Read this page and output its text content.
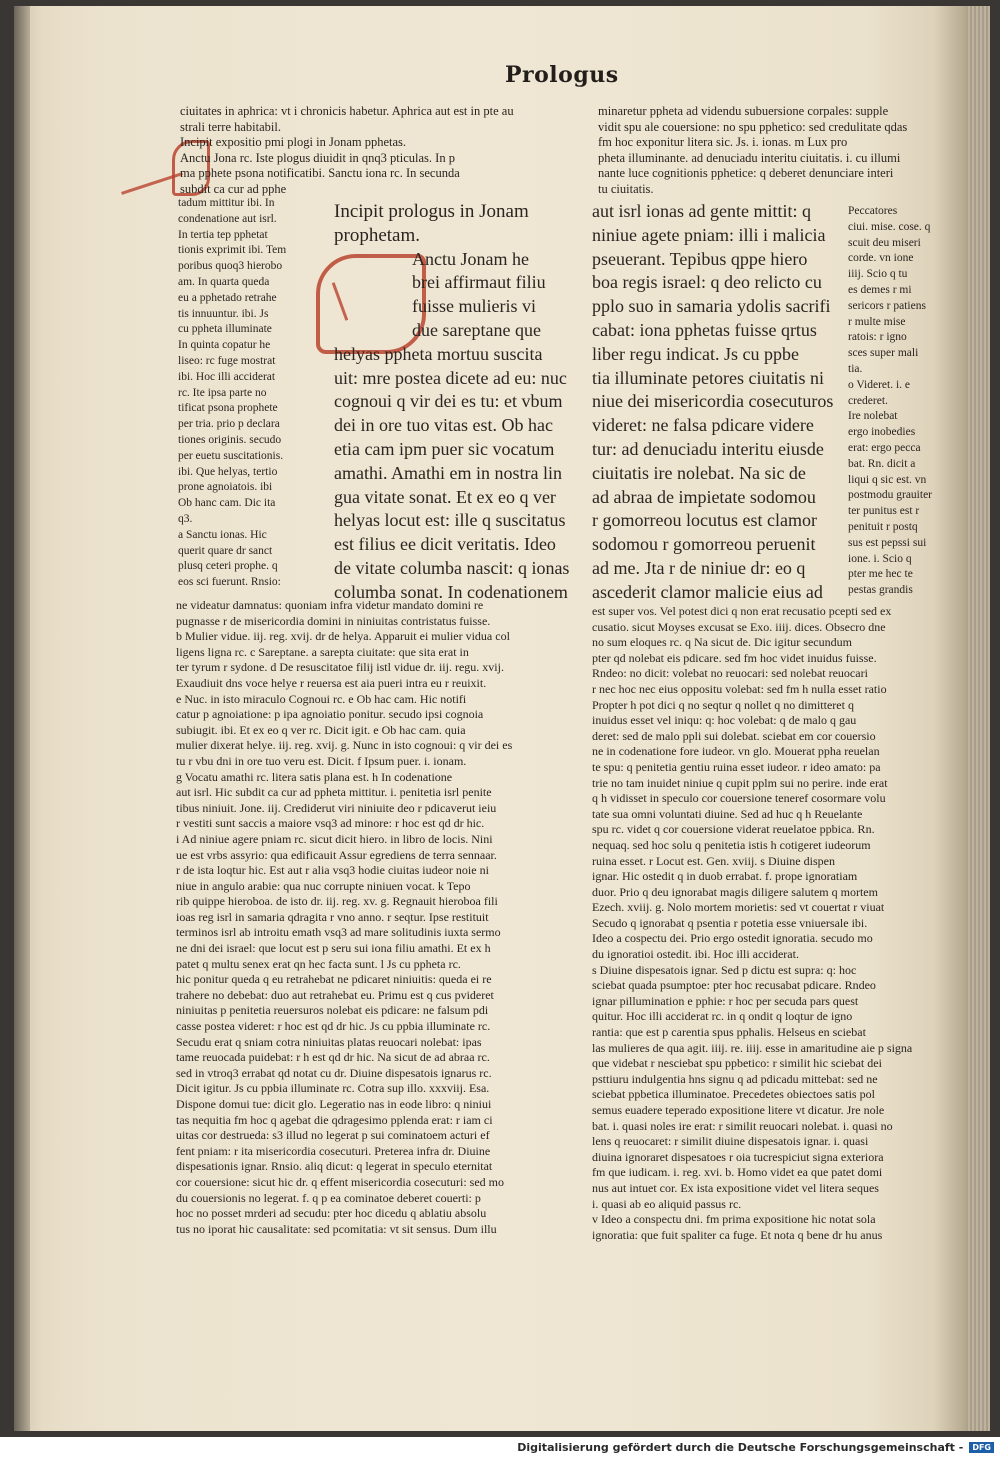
Prologus
ciuitates in aphrica: vt i chronicis habetur. Aphrica aut est in pte au
strali terre habitabil.
Incipit expositio pmi plogi in Jonam pphetas.
Anctu Jona rc. Iste plogus diuidit in qnq3 pticulas. In p
ma pphete psona notificatibi. Sanctu iona rc. In secunda
subdit ca cur ad pphe
minaretur ppheta ad videndu subuersione corpales: supple
vidit spu ale couersione: no spu pphetico: sed credulitate qdas
fm hoc exponitur litera sic. Js. i. ionas. m Lux pro
pheta illuminante. ad denuciadu interitu ciuitatis. i. cu illumi
nante luce cognitionis pphetice: q deberet denunciare interi
tu ciuitatis.
tadum mittitur ibi. In
condenatione aut isrl.
In tertia tep pphetat
tionis exprimit ibi. Tem
poribus quoq3 hierobo
am. In quarta queda
eu a pphetado retrahe
tis innuuntur. ibi. Js
cu ppheta illuminate
In quinta copatur he
liseo: rc fuge mostrat
ibi. Hoc illi acciderat
rc. Ite ipsa parte no
tificat psona prophete
per tria. prio p declara
tiones originis. secudo
per euetu suscitationis.
ibi. Que helyas, tertio
prone agnoiatois. ibi
Ob hanc cam. Dic ita
q3.
a Sanctu ionas. Hic
querit quare dr sanct
plusq ceteri prophe. q
eos sci fuerunt. Rnsio:
Incipit prologus in Jonam
prophetam.
Anctu Jonam he
brei affirmaut filiu
fuisse mulieris vi
due sareptane que
helyas ppheta mortuu suscita
uit: mre postea dicete ad eu: nuc
cognoui q vir dei es tu: et vbum
dei in ore tuo vitas est. Ob hac
etia cam ipm puer sic vocatum
amathi. Amathi em in nostra lin
gua vitate sonat. Et ex eo q ver
helyas locut est: ille q suscitatus
est filius ee dicit veritatis. Ideo
de vitate columba nascit: q ionas
columba sonat. In codenationem
aut isrl ionas ad gente mittit: q
niniue agete pniam: illi i malicia
pseuerant. Tepibus qppe hiero
boa regis israel: q deo relicto cu
pplo suo in samaria ydolis sacrifi
cabat: iona pphetas fuisse qrtus
liber regu indicat. Js cu ppbe
tia illuminate petores ciuitatis ni
niue dei misericordia cosecuturos
videret: ne falsa pdicare videre
tur: ad denuciadu interitu eiusde
ciuitatis ire nolebat. Na sic de
ad abraa de impietate sodomou
r gomorreou locutus est clamor
sodomou r gomorreou peruenit
ad me. Jta r de niniue dr: eo q
ascederit clamor malicie eius ad
Peccatores
ciui. mise. cose. q
scuit deu miseri
corde. vn ione
iiij. Scio q tu
es demes r mi
sericors r patiens
r multe mise
ratois: r igno
sces super mali
tia.
o Videret. i. e
crederet.
Ire nolebat
ergo inobedies
erat: ergo pecca
bat. Rn. dicit a
liqui q sic est. vn
postmodu grauiter
ter punitus est r
penituit r postq
sus est pepssi sui
ione. i. Scio q
pter me hec te
pestas grandis
ne videatur damnatus: quoniam infra videtur mandato domini re
pugnasse r de misericordia domini in niniuitas contristatus fuisse.
b Mulier vidue. iij. reg. xvij. dr de helya. Apparuit ei mulier vidua col
ligens ligna rc. c Sareptane. a sarepta ciuitate: que sita erat in
ter tyrum r sydone. d De resuscitatoe filij istl vidue dr. iij. regu. xvij.
Exaudiuit dns voce helye r reuersa est aia pueri intra eu r reuixit.
e Nuc. in isto miraculo Cognoui rc. e Ob hac cam. Hic notifi
catur p agnoiatione: p ipa agnoiatio ponitur. secudo ipsi cognoia
subiugit. ibi. Et ex eo q ver rc. Dicit igit. e Ob hac cam. quia
mulier dixerat helye. iij. reg. xvij. g. Nunc in isto cognoui: q vir dei es
tu r vbu dni in ore tuo veru est. Dicit. f Ipsum puer. i. ionam.
g Vocatu amathi rc. litera satis plana est. h In codenatione
aut isrl. Hic subdit ca cur ad ppheta mittitur. i. penitetia isrl penite
tibus niniuit. Jone. iij. Crediderut viri niniuite deo r pdicaverut ieiu
r vestiti sunt saccis a maiore vsq3 ad minore: r hoc est qd dr hic.
i Ad niniue agere pniam rc. sicut dicit hiero. in libro de locis. Nini
ue est vrbs assyrio: qua edificauit Assur egrediens de terra sennaar.
r de ista loqtur hic. Est aut r alia vsq3 hodie ciuitas iudeor noie ni
niue in angulo arabie: qua nuc corrupte niniuen vocat. k Tepo
rib quippe hieroboa. de isto dr. iij. reg. xv. g. Regnauit hieroboa fili
ioas reg isrl in samaria qdragita r vno anno. r seqtur. Ipse restituit
terminos isrl ab introitu emath vsq3 ad mare solitudinis iuxta sermo
ne dni dei israel: que locut est p seru sui iona filiu amathi. Et ex h
patet q multu senex erat qn hec facta sunt. l Js cu ppheta rc.
hic ponitur queda q eu retrahebat ne pdicaret niniuitis: queda ei re
trahere no debebat: duo aut retrahebat eu. Primu est q cus pvideret
niniuitas p penitetia reuersuros nolebat eis pdicare: ne falsum pdi
casse postea videret: r hoc est qd dr hic. Js cu ppbia illuminate rc.
Secudu erat q sniam cotra niniuitas platas reuocari nolebat: ipas
tame reuocada puidebat: r h est qd dr hic. Na sicut de ad abraa rc.
sed in vtroq3 errabat qd notat cu dr. Diuine dispesatois ignarus rc.
Dicit igitur. Js cu ppbia illuminate rc. Cotra sup illo. xxxviij. Esa.
Dispone domui tue: dicit glo. Legeratio nas in eode libro: q niniui
tas nequitia fm hoc q agebat die qdragesimo pplenda erat: r iam ci
uitas cor destrueda: s3 illud no legerat p sui cominatoem acturi ef
fent pniam: r ita misericordia cosecuturi. Preterea infra dr. Diuine
dispesationis ignar. Rnsio. aliq dicut: q legerat in speculo eternitat
cor couersione: sicut hic dr. q effent misericordia cosecuturi: sed mo
du couersionis no legerat. f. q p ea cominatoe deberet couerti: p
hoc no posset mrderi ad secudu: pter hoc dicedu q ablatiu absolu
tus no iporat hic causalitate: sed pcomitatia: vt sit sensus. Dum illu
est super vos. Vel potest dici q non erat recusatio pcepti sed ex
cusatio. sicut Moyses excusat se Exo. iiij. dices. Obsecro dne
no sum eloques rc. q Na sicut de. Dic igitur secundum
pter qd nolebat eis pdicare. sed fm hoc videt inuidus fuisse.
Rndeo: no dicit: volebat no reuocari: sed nolebat reuocari
r nec hoc nec eius oppositu volebat: sed fm h nulla esset ratio
Propter h pot dici q no seqtur q nollet q no dimitteret q
inuidus esset vel iniqu: q: hoc volebat: q de malo q gau
deret: sed de malo ppli sui dolebat. sciebat em cor couersio
ne in codenatione fore iudeor. vn glo. Mouerat ppha reuelan
te spu: q penitetia gentiu ruina esset iudeor. r ideo amato: pa
trie no tam inuidet niniue q cupit pplm sui no perire. inde erat
q h vidisset in speculo cor couersione teneref cosormare volu
tate sua omni voluntati diuine. Sed ad huc q h Reuelante
spu rc. videt q cor couersione viderat reuelatoe ppbica. Rn.
nequaq. sed hoc solu q penitetia istis h cotigeret iudeorum
ruina esset. r Locut est. Gen. xviij. s Diuine dispen
ignar. Hic ostedit q in duob errabat. f. prope ignoratiam
duor. Prio q deu ignorabat magis diligere salutem q mortem
Ezech. xviij. g. Nolo mortem morietis: sed vt couertat r viuat
Secudo q ignorabat q psentia r potetia esse vniuersale ibi.
Ideo a cospectu dei. Prio ergo ostedit ignoratia. secudo mo
du ignoratioi ostedit. ibi. Hoc illi acciderat.
s Diuine dispesatois ignar. Sed p dictu est supra: q: hoc
sciebat quada psumptoe: pter hoc recusabat pdicare. Rndeo
ignar pillumination e pphie: r hoc per secuda pars quest
quitur. Hoc illi acciderat rc. in q ondit q loqtur de igno
rantia: que est p carentia spus pphalis. Helseus en sciebat
las mulieres de qua agit. iiij. re. iiij. esse in amaritudine aie p signa
que videbat r nesciebat spu ppbetico: r similit hic sciebat dei
psttiuru indulgentia hns signu q ad pdicadu mittebat: sed ne
sciebat ppbetica illuminatoe. Precedetes obiectoes satis pol
semus euadere teperado expositione litere vt dicatur. Jre nole
bat. i. quasi noles ire erat: r similit reuocari nolebat. i. quasi no
lens q reuocaret: r similit diuine dispesatois ignar. i. quasi
diuina ignoraret dispesatoes r oia tucrespiciut signa exteriora
fm que iudicam. i. reg. xvi. b. Homo videt ea que patet domi
nus aut intuet cor. Ex ista expositione videt vel litera seques
i. quasi ab eo aliquid passus rc.
v Ideo a conspectu dni. fm prima expositione hic notat sola
ignoratia: que fuit spaliter ca fuge. Et nota q bene dr hu anus
Digitalisierung gefördert durch die Deutsche Forschungsgemeinschaft -	DFG
